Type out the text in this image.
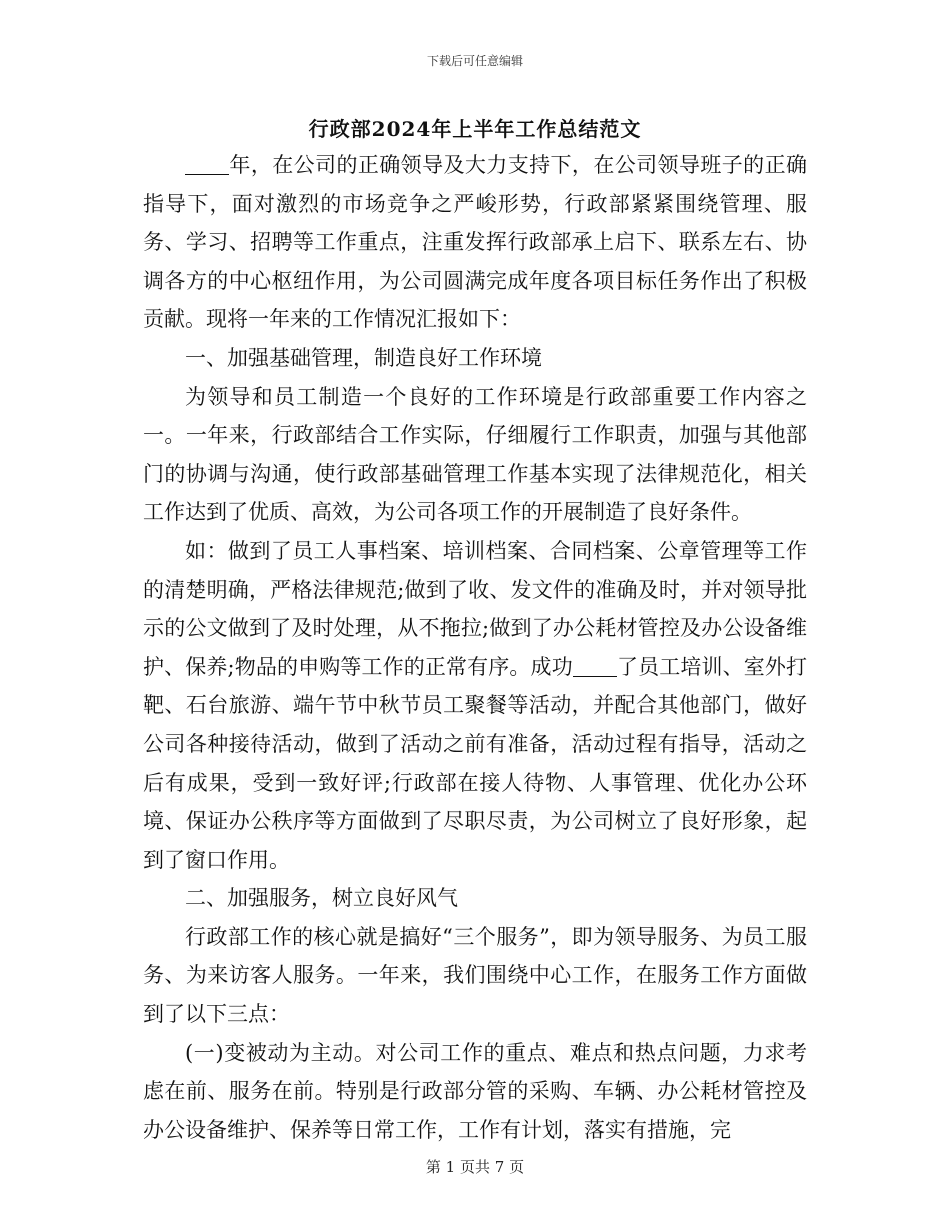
下载后可任意编辑
行政部2024年上半年工作总结范文

年，在公司的正确领导及大力支持下，在公司领导班子的正确指导下，面对激烈的市场竞争之严峻形势，行政部紧紧围绕管理、服务、学习、招聘等工作重点，注重发挥行政部承上启下、联系左右、协调各方的中心枢纽作用，为公司圆满完成年度各项目标任务作出了积极贡献。现将一年来的工作情况汇报如下：

一、加强基础管理，制造良好工作环境

为领导和员工制造一个良好的工作环境是行政部重要工作内容之一。一年来，行政部结合工作实际，仔细履行工作职责，加强与其他部门的协调与沟通，使行政部基础管理工作基本实现了法律规范化，相关工作达到了优质、高效，为公司各项工作的开展制造了良好条件。

如：做到了员工人事档案、培训档案、合同档案、公章管理等工作的清楚明确，严格法律规范;做到了收、发文件的准确及时，并对领导批示的公文做到了及时处理，从不拖拉;做到了办公耗材管控及办公设备维护、保养;物品的申购等工作的正常有序。成功 了员工培训、室外打靶、石台旅游、端午节中秋节员工聚餐等活动，并配合其他部门，做好公司各种接待活动，做到了活动之前有准备，活动过程有指导，活动之后有成果，受到一致好评;行政部在接人待物、人事管理、优化办公环境、保证办公秩序等方面做到了尽职尽责，为公司树立了良好形象，起到了窗口作用。

二、加强服务，树立良好风气

行政部工作的核心就是搞好“三个服务”，即为领导服务、为员工服务、为来访客人服务。一年来，我们围绕中心工作，在服务工作方面做到了以下三点：

(一)变被动为主动。对公司工作的重点、难点和热点问题，力求考虑在前、服务在前。特别是行政部分管的采购、车辆、办公耗材管控及办公设备维护、保养等日常工作，工作有计划，落实有措施，完

第 1 页共 7 页
